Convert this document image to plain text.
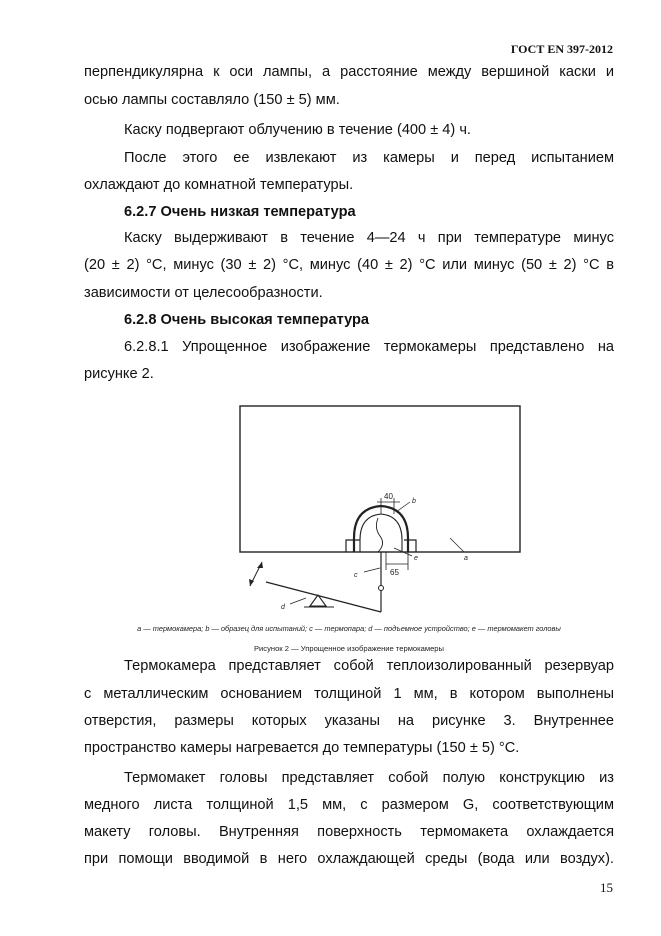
ГОСТ EN 397-2012
перпендикулярна к оси лампы, а расстояние между вершиной каски и
осью лампы составляло (150 ± 5) мм.
Каску подвергают облучению в течение (400 ± 4) ч.
После этого ее извлекают из камеры и перед испытанием
охлаждают до комнатной температуры.
6.2.7 Очень низкая температура
Каску выдерживают в течение 4—24 ч при температуре минус
(20 ± 2) °С, минус (30 ± 2) °С, минус (40 ± 2) °С или минус (50 ± 2) °С в
зависимости от целесообразности.
6.2.8 Очень высокая температура
6.2.8.1 Упрощенное изображение термокамеры представлено на
рисунке 2.
Термокамера представляет собой теплоизолированный резервуар
с металлическим основанием толщиной 1 мм, в котором выполнены
отверстия, размеры которых указаны на рисунке 3. Внутреннее
пространство камеры нагревается до температуры (150 ± 5) °С.
Термомакет головы представляет собой полую конструкцию из
медного листа толщиной 1,5 мм, с размером G, соответствующим
макету головы. Внутренняя поверхность термомакета охлаждается
при помощи вводимой в него охлаждающей среды (вода или воздух).
40
b
65
e	a
c
d
a — термокамера; b — образец для испытаний; c — термопара; d — подъемное устройство; e — термомакет головы
Рисунок 2 — Упрощенное изображение термокамеры
15
